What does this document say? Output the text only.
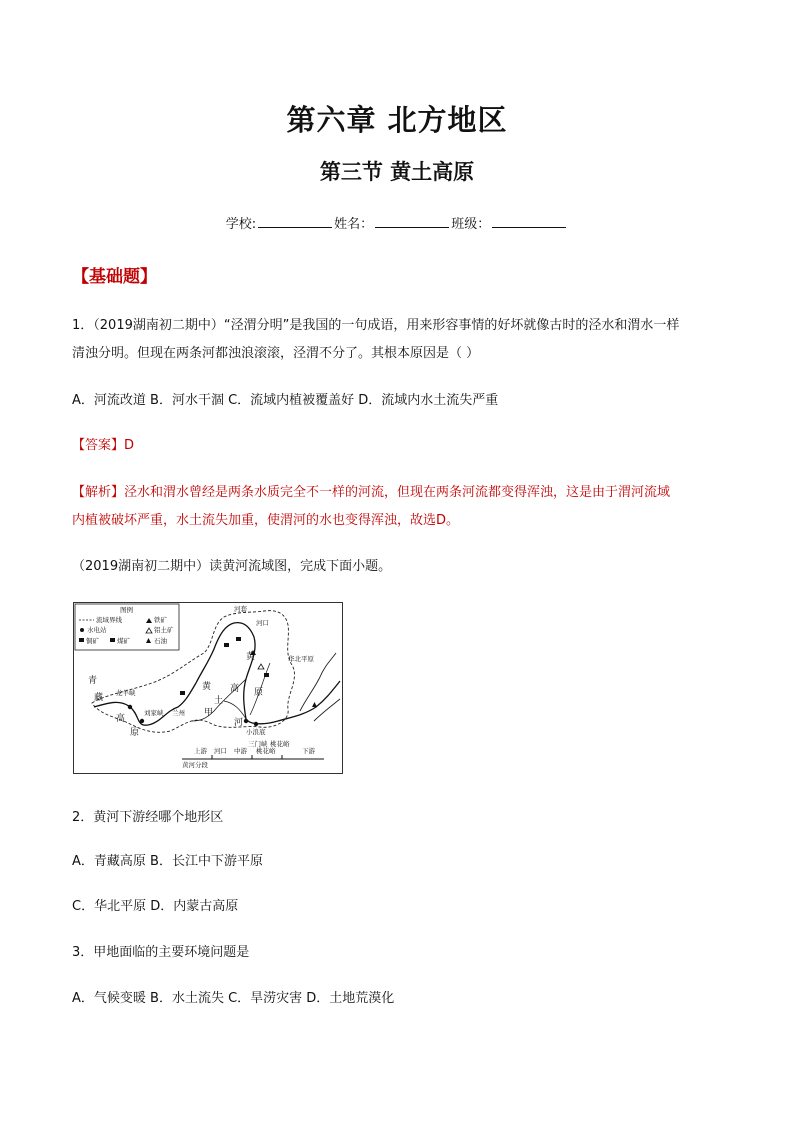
第六章 北方地区
第三节 黄土高原
学校:	姓名：	班级：
【基础题】
1．（2019湖南初二期中）“泾渭分明”是我国的一句成语，用来形容事情的好坏就像古时的泾水和渭水一样
清浊分明。但现在两条河都浊浪滚滚，泾渭不分了。其根本原因是（ ）
A．河流改道 B．河水干涸 C．流域内植被覆盖好 D．流域内水土流失严重
【答案】D
【解析】泾水和渭水曾经是两条水质完全不一样的河流，但现在两条河流都变得浑浊，这是由于渭河流域
内植被破坏严重，水土流失加重，使渭河的水也变得浑浊，故选D。
（2019湖南初二期中）读黄河流域图，完成下面小题。
图例
流域界线	铁矿
水电站	铝土矿
铜矿	煤矿	石油
青
藏
高
原
龙羊峡
刘家峡 兰州
黄
土
高 原
甲
河
小浪底
三门峡 桃花峪
河套
河口
黄	华北平原
黄河分段
上游 河口 中游 桃花峪	下游
2．黄河下游经哪个地形区
A．青藏高原 B．长江中下游平原
C．华北平原 D．内蒙古高原
3．甲地面临的主要环境问题是
A．气候变暖 B．水土流失 C．旱涝灾害 D．土地荒漠化
